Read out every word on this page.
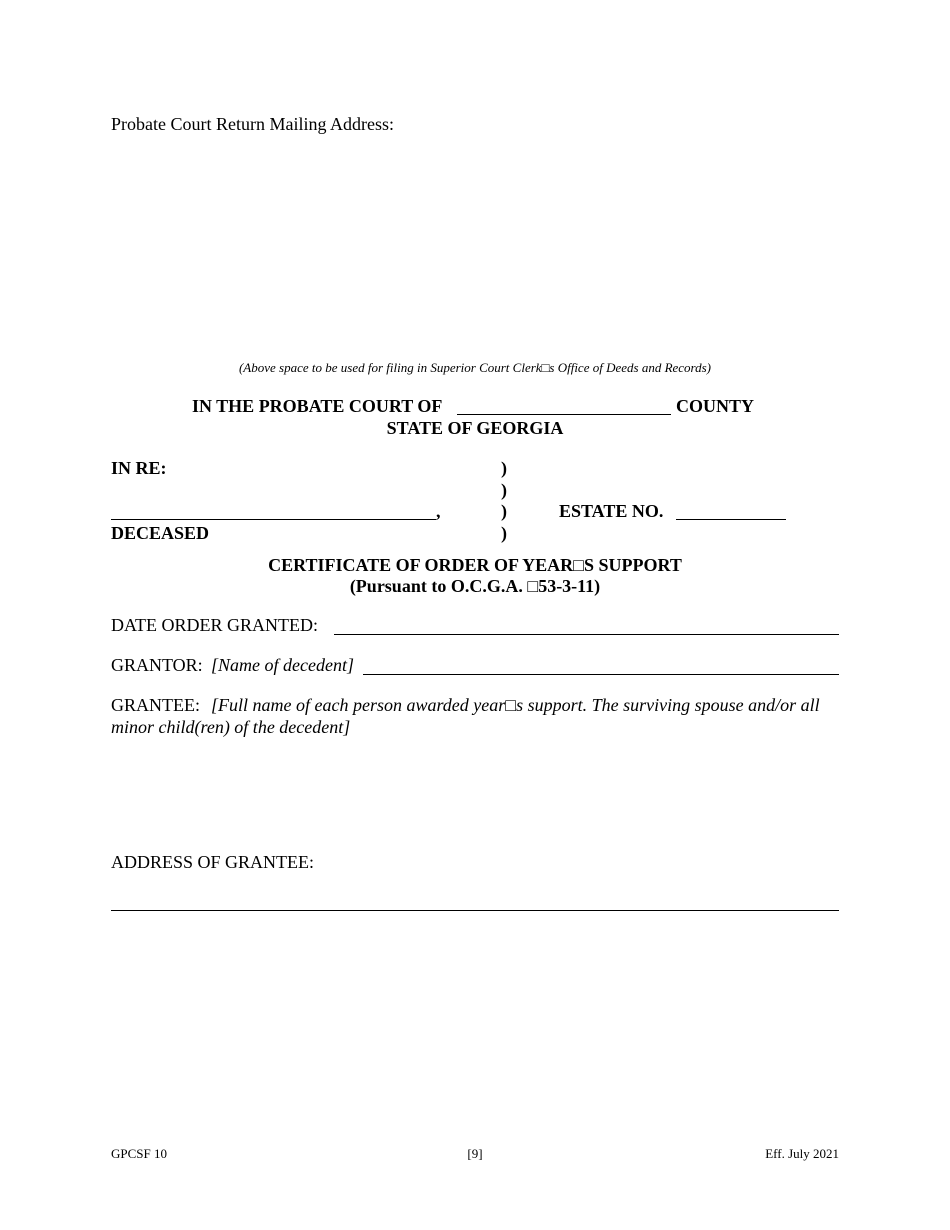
Probate Court Return Mailing Address:
(Above space to be used for filing in Superior Court Clerk□s Office of Deeds and Records)
IN THE PROBATE COURT OF	COUNTY
STATE OF GEORGIA
IN RE:	)
)
,	)	ESTATE NO.
DECEASED	)
CERTIFICATE OF ORDER OF YEAR□S SUPPORT
(Pursuant to O.C.G.A. □53-3-11)
DATE ORDER GRANTED:
GRANTOR: [Name of decedent]
GRANTEE: [Full name of each person awarded year□s support. The surviving spouse and/or all
minor child(ren) of the decedent]
ADDRESS OF GRANTEE:
GPCSF 10	[9]	Eff. July 2021
